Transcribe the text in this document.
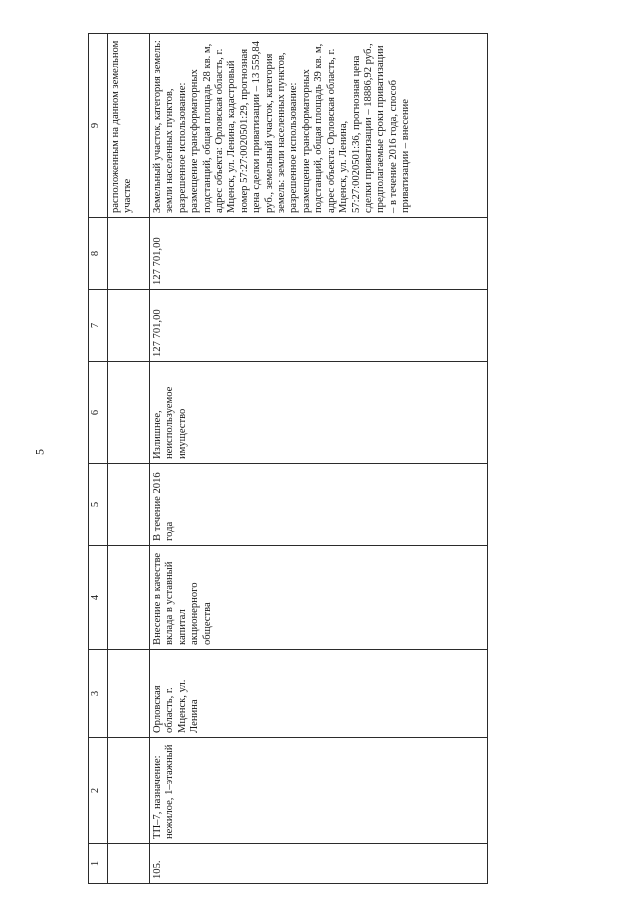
5
1	2	3	4	5	6	7	8	9
								расположенным на данном земельном участке
105.	ТП–7, назначение: нежилое, 1–этажный	Орловская область, г. Мценск, ул. Ленина	Внесение в качестве вклада в уставный капитал акционерного общества	В течение 2016 года	Излишнее, неиспользуемое имущество	127 701,00	127 701,00	Земельный участок, категория земель: земли населенных пунктов, разрешенное использование: размещение трансформаторных подстанций, общая площадь 28 кв. м, адрес объекта: Орловская область, г. Мценск, ул. Ленина, кадастровый номер 57:27:0020501:29, прогнозная цена сделки приватизации – 13 559,84 руб., земельный участок, категория земель: земли населенных пунктов, разрешенное использование: размещение трансформаторных подстанций, общая площадь 39 кв. м, адрес объекта: Орловская область, г. Мценск, ул. Ленина, 57:27:0020501:36, прогнозная цена сделки приватизации – 18886,92 руб., предполагаемые сроки приватизации – в течение 2016 года, способ приватизации – внесение
